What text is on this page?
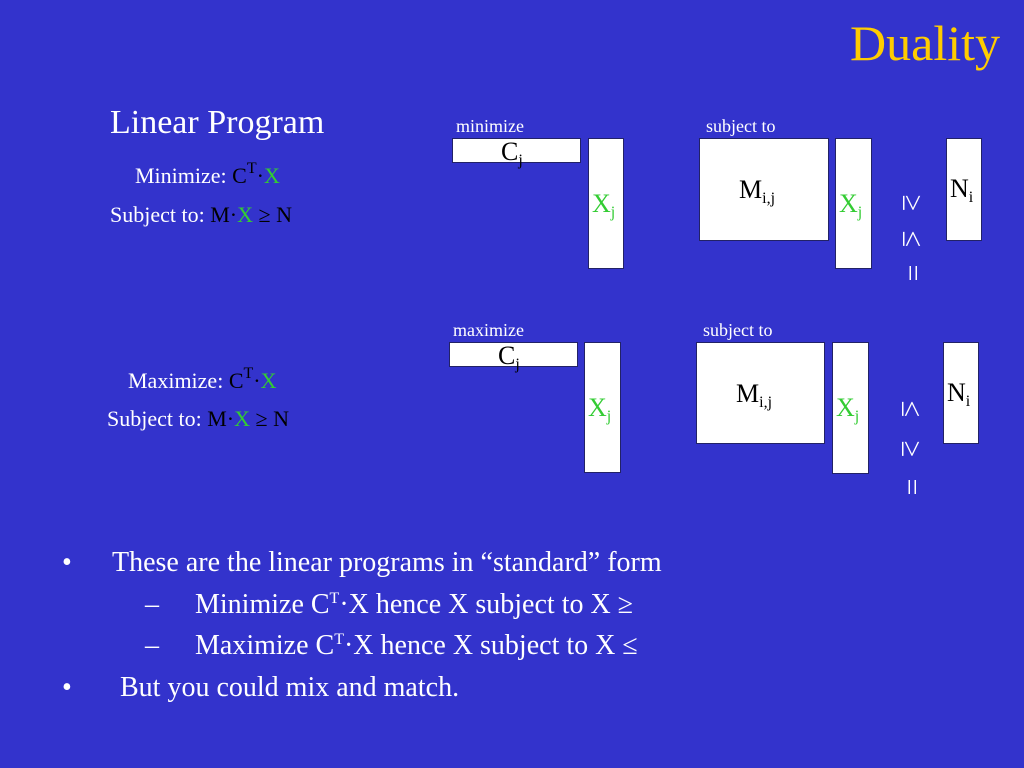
Duality
Linear Program
Minimize: $C^T\cdot X$
Subject to: M·X ≥ N
Maximize: $C^T\cdot X$
Subject to: M·X ≥ N
minimize	subject to
$C_j$
$X_j$
$M_{i,j}$ $X_j$
$N_i$
≥
≤
=
maximize	subject to
$C_j$
$X_j$
$M_{i,j}$ $X_j$
$N_i$
≤
≥
=
• These are the linear programs in “standard” form
– Minimize $C^T\cdot X$ hence X subject to X ≥
– Maximize $C^T\cdot X$ hence X subject to X ≤
• But you could mix and match.
